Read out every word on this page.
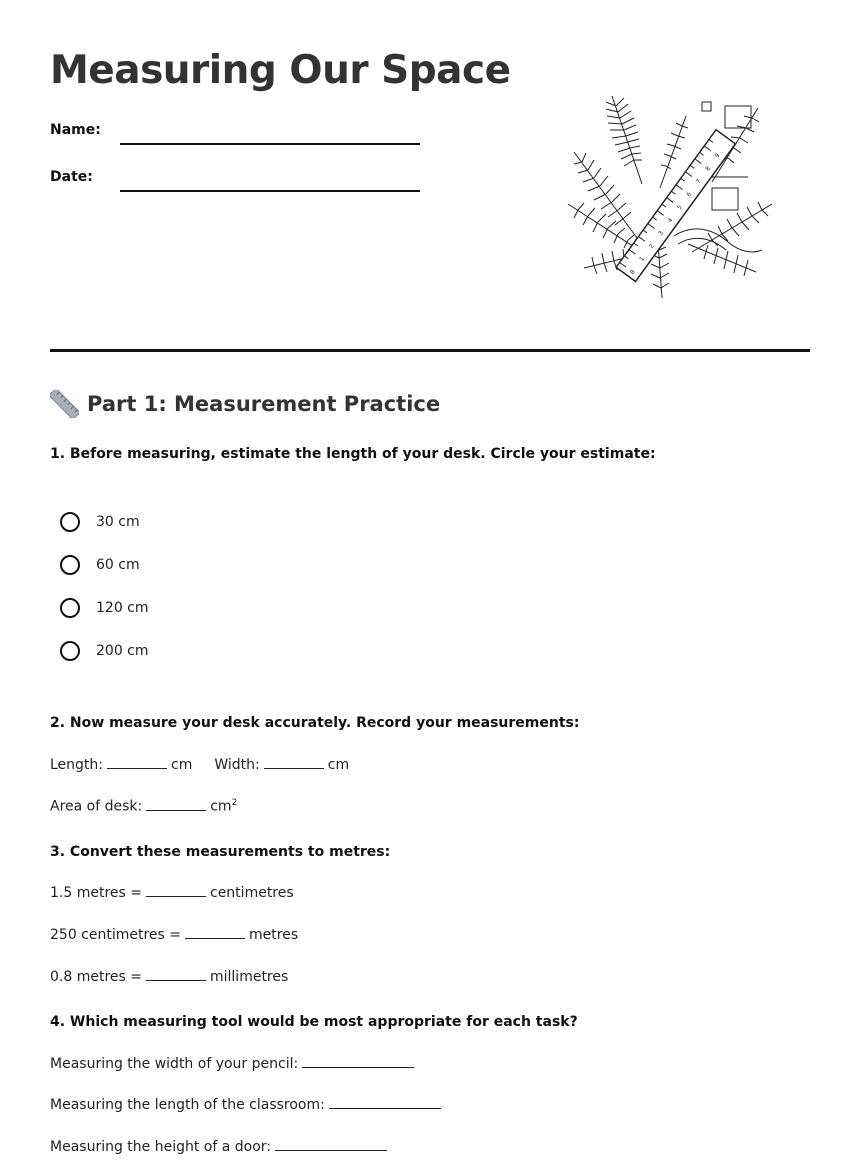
Measuring Our Space
Name:
Date:
0
1
2
3
4
5
6
7
8
9
Part 1: Measurement Practice
1. Before measuring, estimate the length of your desk. Circle your estimate:
30 cm
60 cm
120 cm
200 cm
2. Now measure your desk accurately. Record your measurements:
Length:	cm Width:	cm
Area of desk:	$cm^2$
3. Convert these measurements to metres:
1.5 metres =	centimetres
250 centimetres =	metres
0.8 metres =	millimetres
4. Which measuring tool would be most appropriate for each task?
Measuring the width of your pencil:
Measuring the length of the classroom:
Measuring the height of a door:
